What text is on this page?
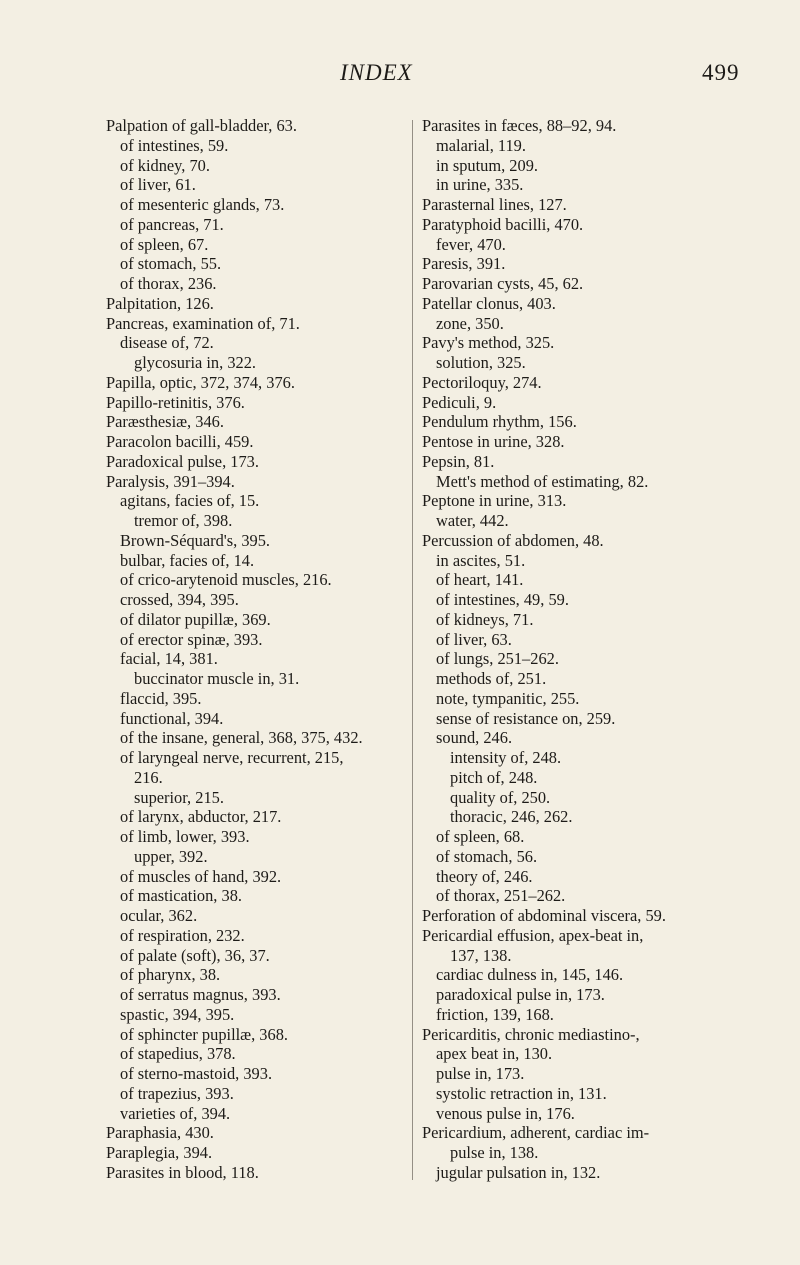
INDEX	499
Palpation of gall-bladder, 63.
of intestines, 59.
of kidney, 70.
of liver, 61.
of mesenteric glands, 73.
of pancreas, 71.
of spleen, 67.
of stomach, 55.
of thorax, 236.
Palpitation, 126.
Pancreas, examination of, 71.
disease of, 72.
glycosuria in, 322.
Papilla, optic, 372, 374, 376.
Papillo-retinitis, 376.
Paræsthesiæ, 346.
Paracolon bacilli, 459.
Paradoxical pulse, 173.
Paralysis, 391–394.
agitans, facies of, 15.
tremor of, 398.
Brown-Séquard's, 395.
bulbar, facies of, 14.
of crico-arytenoid muscles, 216.
crossed, 394, 395.
of dilator pupillæ, 369.
of erector spinæ, 393.
facial, 14, 381.
buccinator muscle in, 31.
flaccid, 395.
functional, 394.
of the insane, general, 368, 375, 432.
of laryngeal nerve, recurrent, 215,
216.
superior, 215.
of larynx, abductor, 217.
of limb, lower, 393.
upper, 392.
of muscles of hand, 392.
of mastication, 38.
ocular, 362.
of respiration, 232.
of palate (soft), 36, 37.
of pharynx, 38.
of serratus magnus, 393.
spastic, 394, 395.
of sphincter pupillæ, 368.
of stapedius, 378.
of sterno-mastoid, 393.
of trapezius, 393.
varieties of, 394.
Paraphasia, 430.
Paraplegia, 394.
Parasites in blood, 118.
Parasites in fæces, 88–92, 94.
malarial, 119.
in sputum, 209.
in urine, 335.
Parasternal lines, 127.
Paratyphoid bacilli, 470.
fever, 470.
Paresis, 391.
Parovarian cysts, 45, 62.
Patellar clonus, 403.
zone, 350.
Pavy's method, 325.
solution, 325.
Pectoriloquy, 274.
Pediculi, 9.
Pendulum rhythm, 156.
Pentose in urine, 328.
Pepsin, 81.
Mett's method of estimating, 82.
Peptone in urine, 313.
water, 442.
Percussion of abdomen, 48.
in ascites, 51.
of heart, 141.
of intestines, 49, 59.
of kidneys, 71.
of liver, 63.
of lungs, 251–262.
methods of, 251.
note, tympanitic, 255.
sense of resistance on, 259.
sound, 246.
intensity of, 248.
pitch of, 248.
quality of, 250.
thoracic, 246, 262.
of spleen, 68.
of stomach, 56.
theory of, 246.
of thorax, 251–262.
Perforation of abdominal viscera, 59.
Pericardial effusion, apex-beat in,
137, 138.
cardiac dulness in, 145, 146.
paradoxical pulse in, 173.
friction, 139, 168.
Pericarditis, chronic mediastino-,
apex beat in, 130.
pulse in, 173.
systolic retraction in, 131.
venous pulse in, 176.
Pericardium, adherent, cardiac im-
pulse in, 138.
jugular pulsation in, 132.
